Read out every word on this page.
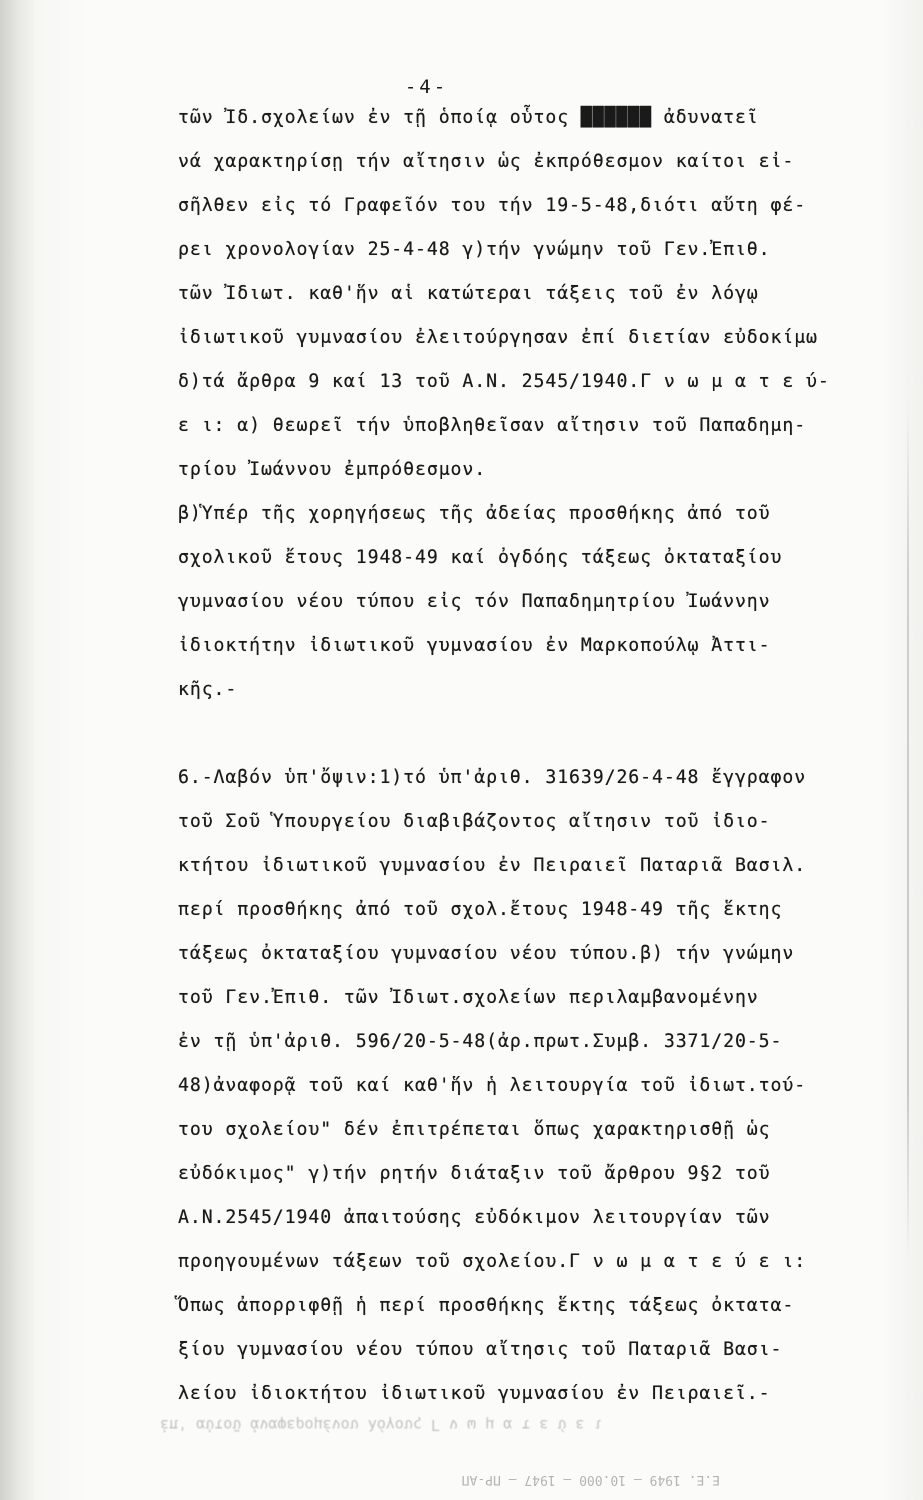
-4-
τῶν Ἰδ.σχολείων ἐν τῇ ὁποίᾳ οὗτος ██████ ἀδυνατεῖ
νά χαρακτηρίσῃ τήν αἴτησιν ὡς ἐκπρόθεσμον καίτοι εἰ-
σῆλθεν εἰς τό Γραφεῖόν του τήν 19-5-48,διότι αὕτη φέ-
ρει χρονολογίαν 25-4-48 γ)τήν γνώμην τοῦ Γεν.Ἐπιθ.
τῶν Ἰδιωτ. καθ'ἥν αἱ κατώτεραι τάξεις τοῦ ἐν λόγῳ
ἰδιωτικοῦ γυμνασίου ἐλειτούργησαν ἐπί διετίαν εὐδοκίμω
δ)τά ἄρθρα 9 καί 13 τοῦ Α.Ν. 2545/1940.Γ ν ω μ α τ ε ύ-
ε ι: α) θεωρεῖ τήν ὑποβληθεῖσαν αἴτησιν τοῦ Παπαδημη-
τρίου Ἰωάννου ἐμπρόθεσμον.
β)Ὑπέρ τῆς χορηγήσεως τῆς ἀδείας προσθήκης ἀπό τοῦ
σχολικοῦ ἔτους 1948-49 καί ὀγδόης τάξεως ὀκταταξίου
γυμνασίου νέου τύπου εἰς τόν Παπαδημητρίου Ἰωάννην
ἰδιοκτήτην ἰδιωτικοῦ γυμνασίου ἐν Μαρκοπούλῳ Ἀττι-
κῆς.-
6.-Λαβόν ὑπ'ὄψιν:1)τό ὑπ'ἀριθ. 31639/26-4-48 ἔγγραφον
τοῦ Σοῦ Ὑπουργείου διαβιβάζοντος αἴτησιν τοῦ ἰδιο-
κτήτου ἰδιωτικοῦ γυμνασίου ἐν Πειραιεῖ Παταριᾶ Βασιλ.
περί προσθήκης ἀπό τοῦ σχολ.ἔτους 1948-49 τῆς ἕκτης
τάξεως ὀκταταξίου γυμνασίου νέου τύπου.β) τήν γνώμην
τοῦ Γεν.Ἐπιθ. τῶν Ἰδιωτ.σχολείων περιλαμβανομένην
ἐν τῇ ὑπ'ἀριθ. 596/20-5-48(ἀρ.πρωτ.Συμβ. 3371/20-5-
48)ἀναφορᾷ τοῦ καί καθ'ἥν ἡ λειτουργία τοῦ ἰδιωτ.τού-
του σχολείου" δέν ἐπιτρέπεται ὅπως χαρακτηρισθῇ ὡς
εὐδόκιμος" γ)τήν ρητήν διάταξιν τοῦ ἄρθρου 9§2 τοῦ
Α.Ν.2545/1940 ἀπαιτούσης εὐδόκιμον λειτουργίαν τῶν
προηγουμένων τάξεων τοῦ σχολείου.Γ ν ω μ α τ ε ύ ε ι:
Ὅπως ἀπορριφθῇ ἡ περί προσθήκης ἕκτης τάξεως ὀκτατα-
ξίου γυμνασίου νέου τύπου αἴτησις τοῦ Παταριᾶ Βασι-
λείου ἰδιοκτήτου ἰδιωτικοῦ γυμνασίου ἐν Πειραιεῖ.-
ἐπ' αὐτοῦ ἀναφερομένου λόγους Γ ν ω μ α τ ε ύ ε ι
Ε.Ε. 1949 — 10.000 — 1947 — ΠΡ-ΑΠ
